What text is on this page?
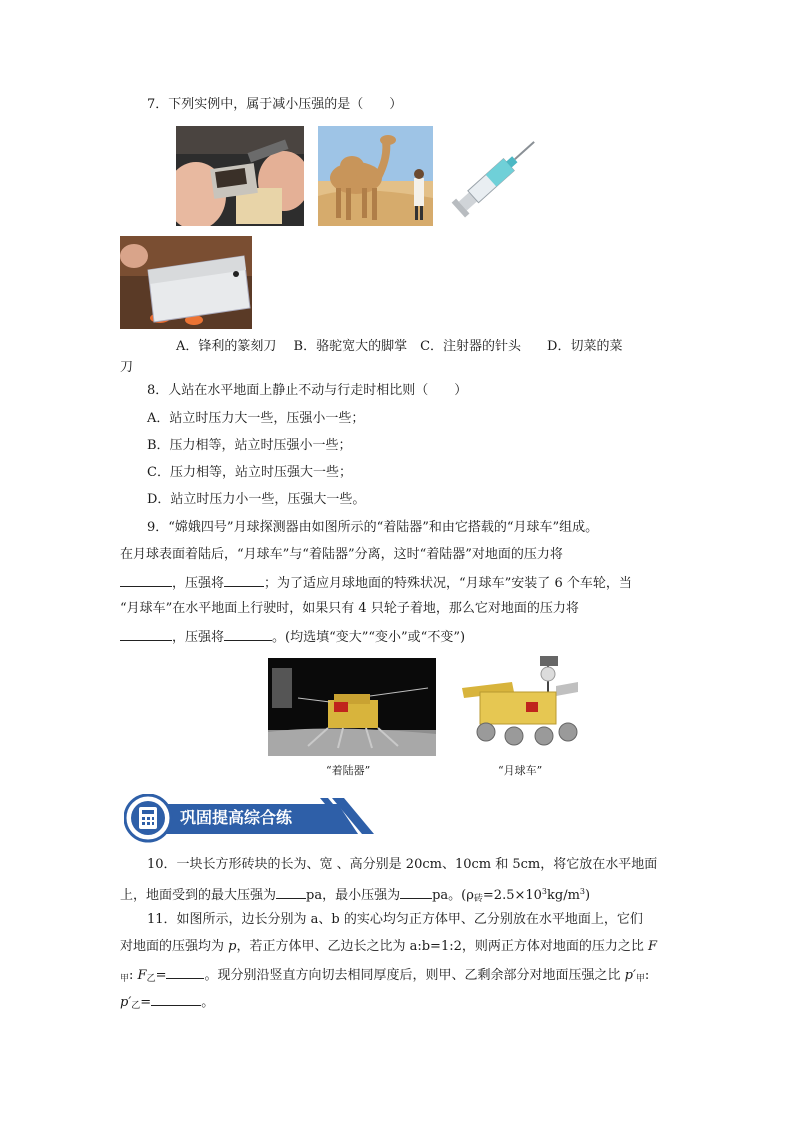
7．下列实例中，属于减小压强的是（　　）
A．锋利的篆刻刀　 B．骆驼宽大的脚掌　C．注射器的针头　　D．切菜的菜
刀
8．人站在水平地面上静止不动与行走时相比则（　　）
A．站立时压力大一些，压强小一些；
B．压力相等，站立时压强小一些；
C．压力相等，站立时压强大一些；
D．站立时压力小一些，压强大一些。
9．“嫦娥四号”月球探测器由如图所示的“着陆器”和由它搭载的“月球车”组成。
在月球表面着陆后，“月球车”与“着陆器”分离，这时“着陆器”对地面的压力将
，压强将	；为了适应月球地面的特殊状况，“月球车”安装了 6 个车轮，当
“月球车”在水平地面上行驶时，如果只有 4 只轮子着地，那么它对地面的压力将
，压强将	。(均选填“变大”“变小”或“不变”)
“着陆器”	“月球车”
巩固提高综合练
10．一块长方形砖块的长为、宽 、高分别是 20cm、10cm 和 5cm，将它放在水平地面
上，地面受到的最大压强为 pa，最小压强为 pa。$(\rho_砖=2.5\times 10^3kg/m^3)$
11．如图所示，边长分别为 a、b 的实心均匀正方体甲、乙分别放在水平地面上，它们
对地面的压强均为 p，若正方体甲、乙边长之比为 a:b=1:2，则两正方体对地面的压力之比 F
$_甲$: $F_乙=$	。现分别沿竖直方向切去相同厚度后，则甲、乙剩余部分对地面压强之比 $p'_甲$:
$p'_乙=$	。
